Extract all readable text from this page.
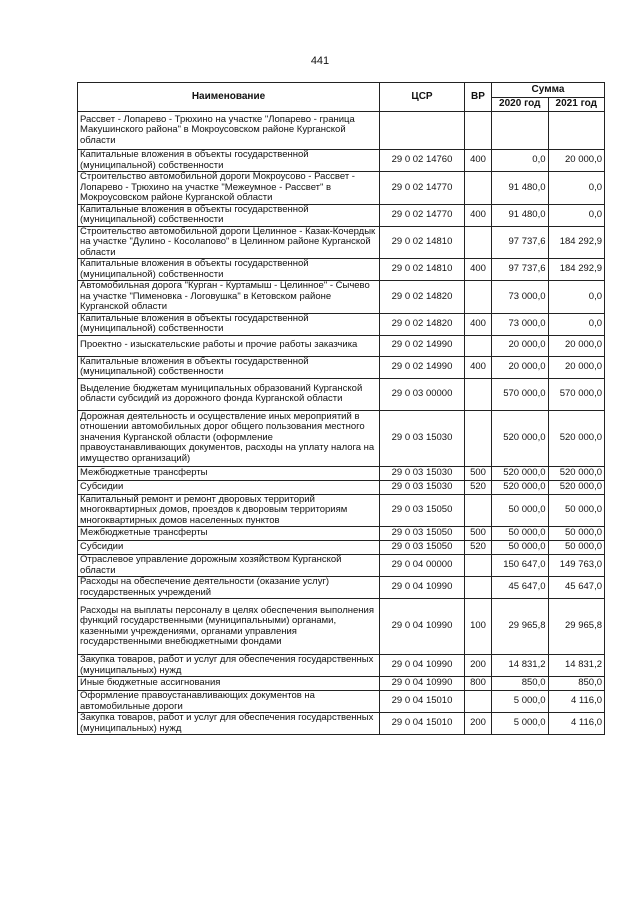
441
Наименование	ЦСР	ВР	Сумма	
			2020 год	2021 год
Рассвет - Лопарево - Трюхино на участке "Лопарево - граница Макушинского района" в Мокроусовском районе Курганской области				
Капитальные вложения в объекты государственной (муниципальной) собственности	29 0 02 14760	400	0,0	20 000,0
Строительство автомобильной дороги Мокроусово - Рассвет - Лопарево - Трюхино на участке "Межеумное - Рассвет" в Мокроусовском районе Курганской области	29 0 02 14770		91 480,0	0,0
Капитальные вложения в объекты государственной (муниципальной) собственности	29 0 02 14770	400	91 480,0	0,0
Строительство автомобильной дороги Целинное - Казак-Кочердык на участке "Дулино - Косолапово" в Целинном районе Курганской области	29 0 02 14810		97 737,6	184 292,9
Капитальные вложения в объекты государственной (муниципальной) собственности	29 0 02 14810	400	97 737,6	184 292,9
Автомобильная дорога "Курган - Куртамыш - Целинное" - Сычево на участке "Пименовка - Логовушка" в Кетовском районе Курганской области	29 0 02 14820		73 000,0	0,0
Капитальные вложения в объекты государственной (муниципальной) собственности	29 0 02 14820	400	73 000,0	0,0
Проектно - изыскательские работы и прочие работы заказчика	29 0 02 14990		20 000,0	20 000,0
Капитальные вложения в объекты государственной (муниципальной) собственности	29 0 02 14990	400	20 000,0	20 000,0
Выделение бюджетам муниципальных образований Курганской области субсидий из дорожного фонда Курганской области	29 0 03 00000		570 000,0	570 000,0
Дорожная деятельность и осуществление иных мероприятий в отношении автомобильных дорог общего пользования местного значения Курганской области (оформление правоустанавливающих документов, расходы на уплату налога на имущество организаций)	29 0 03 15030		520 000,0	520 000,0
Межбюджетные трансферты	29 0 03 15030	500	520 000,0	520 000,0
Субсидии	29 0 03 15030	520	520 000,0	520 000,0
Капитальный ремонт и ремонт дворовых территорий многоквартирных домов, проездов к дворовым территориям многоквартирных домов населенных пунктов	29 0 03 15050		50 000,0	50 000,0
Межбюджетные трансферты	29 0 03 15050	500	50 000,0	50 000,0
Субсидии	29 0 03 15050	520	50 000,0	50 000,0
Отраслевое управление дорожным хозяйством Курганской области	29 0 04 00000		150 647,0	149 763,0
Расходы на обеспечение деятельности (оказание услуг) государственных учреждений	29 0 04 10990		45 647,0	45 647,0
Расходы на выплаты персоналу в целях обеспечения выполнения функций государственными (муниципальными) органами, казенными учреждениями, органами управления государственными внебюджетными фондами	29 0 04 10990	100	29 965,8	29 965,8
Закупка товаров, работ и услуг для обеспечения государственных (муниципальных) нужд	29 0 04 10990	200	14 831,2	14 831,2
Иные бюджетные ассигнования	29 0 04 10990	800	850,0	850,0
Оформление правоустанавливающих документов на автомобильные дороги	29 0 04 15010		5 000,0	4 116,0
Закупка товаров, работ и услуг для обеспечения государственных (муниципальных) нужд	29 0 04 15010	200	5 000,0	4 116,0
